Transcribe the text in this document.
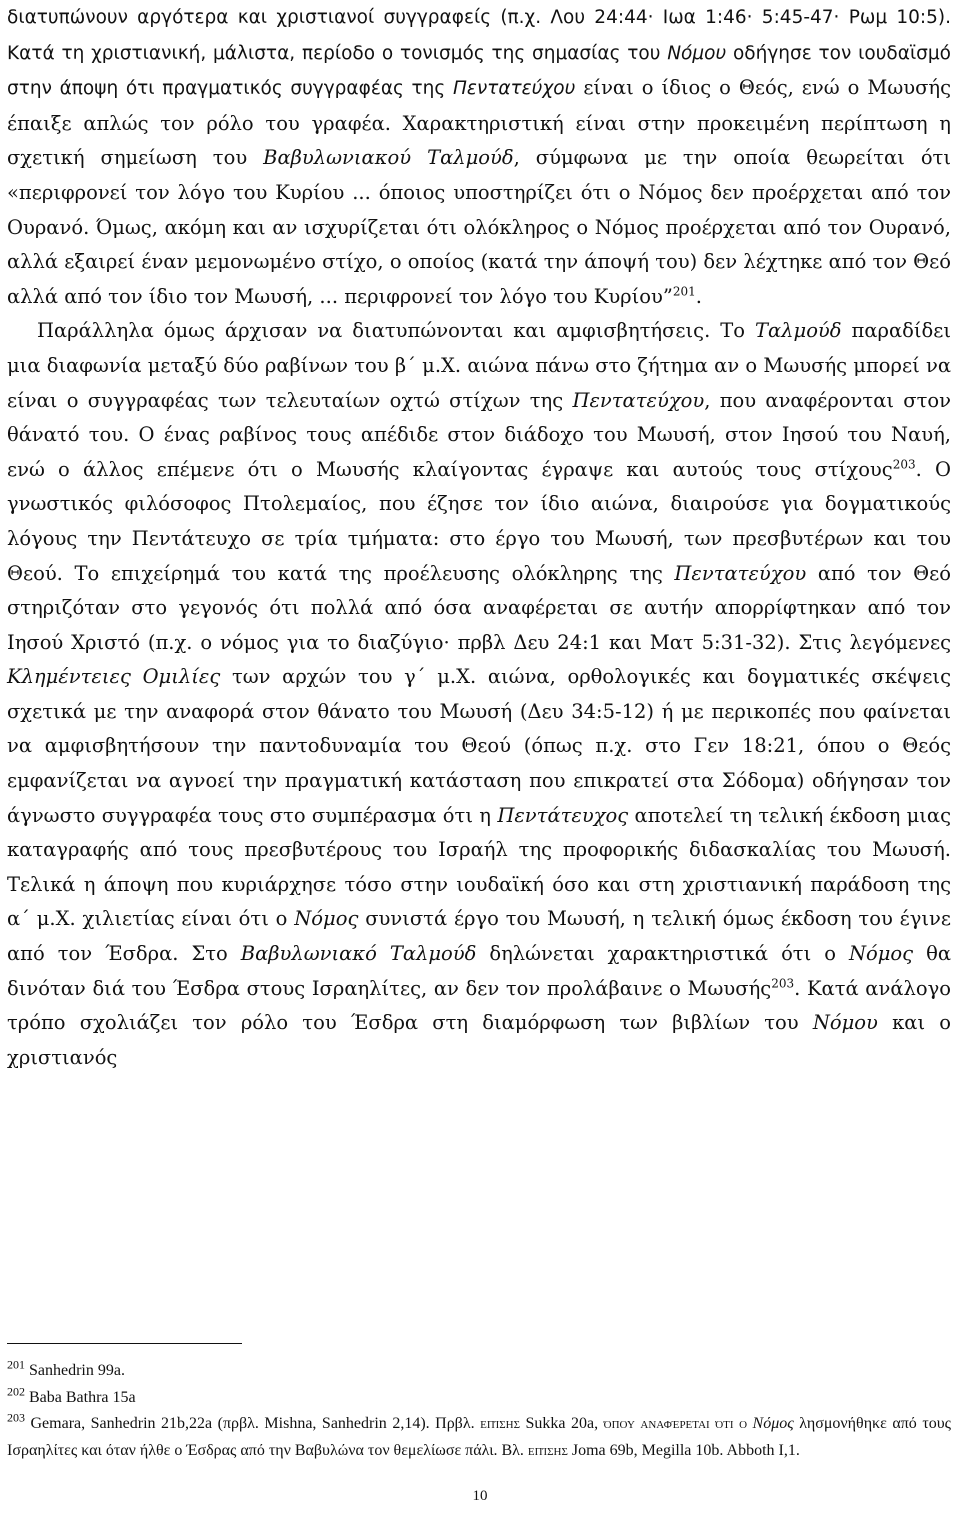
διατυπώνουν αργότερα και χριστιανοί συγγραφείς (π.χ. Λου 24:44· Ιωα 1:46· 5:45-47· Ρωμ 10:5). Κατά τη χριστιανική, μάλιστα, περίοδο ο τονισμός της σημασίας του Νόμου οδήγησε τον ιουδαϊσμό στην άποψη ότι πραγματικός συγγραφέας της Πεντατεύχου είναι ο ίδιος ο Θεός, ενώ ο Μωυσής έπαιξε απλώς τον ρόλο του γραφέα. Χαρακτηριστική είναι στην προκειμένη περίπτωση η σχετική σημείωση του Βαβυλωνιακού Ταλμούδ, σύμφωνα με την οποία θεωρείται ότι «περιφρονεί τον λόγο του Κυρίου ... όποιος υποστηρίζει ότι ο Νόμος δεν προέρχεται από τον Ουρανό. Όμως, ακόμη και αν ισχυρίζεται ότι ολόκληρος ο Νόμος προέρχεται από τον Ουρανό, αλλά εξαιρεί έναν μεμονωμένο στίχο, ο οποίος (κατά την άποψή του) δεν λέχτηκε από τον Θεό αλλά από τον ίδιο τον Μωυσή, ... περιφρονεί τον λόγο του Κυρίου”$^{201}$.

Παράλληλα όμως άρχισαν να διατυπώνονται και αμφισβητήσεις. Το Ταλμούδ παραδίδει μια διαφωνία μεταξύ δύο ραβίνων του β΄ μ.Χ. αιώνα πάνω στο ζήτημα αν ο Μωυσής μπορεί να είναι ο συγγραφέας των τελευταίων οχτώ στίχων της Πεντατεύχου, που αναφέρονται στον θάνατό του. Ο ένας ραβίνος τους απέδιδε στον διάδοχο του Μωυσή, στον Ιησού του Ναυή, ενώ ο άλλος επέμενε ότι ο Μωυσής κλαίγοντας έγραψε και αυτούς τους στίχους$^{203}$. Ο γνωστικός φιλόσοφος Πτολεμαίος, που έζησε τον ίδιο αιώνα, διαιρούσε για δογματικούς λόγους την Πεντάτευχο σε τρία τμήματα: στο έργο του Μωυσή, των πρεσβυτέρων και του Θεού. Το επιχείρημά του κατά της προέλευσης ολόκληρης της Πεντατεύχου από τον Θεό στηριζόταν στο γεγονός ότι πολλά από όσα αναφέρεται σε αυτήν απορρίφτηκαν από τον Ιησού Χριστό (π.χ. ο νόμος για το διαζύγιο· πρβλ Δευ 24:1 και Ματ 5:31-32). Στις λεγόμενες Κλημέντειες Ομιλίες των αρχών του γ΄ μ.Χ. αιώνα, ορθολογικές και δογματικές σκέψεις σχετικά με την αναφορά στον θάνατο του Μωυσή (Δευ 34:5-12) ή με περικοπές που φαίνεται να αμφισβητήσουν την παντοδυναμία του Θεού (όπως π.χ. στο Γεν 18:21, όπου ο Θεός εμφανίζεται να αγνοεί την πραγματική κατάσταση που επικρατεί στα Σόδομα) οδήγησαν τον άγνωστο συγγραφέα τους στο συμπέρασμα ότι η Πεντάτευχος αποτελεί τη τελική έκδοση μιας καταγραφής από τους πρεσβυτέρους του Ισραήλ της προφορικής διδασκαλίας του Μωυσή. Τελικά η άποψη που κυριάρχησε τόσο στην ιουδαϊκή όσο και στη χριστιανική παράδοση της α΄ μ.Χ. χιλιετίας είναι ότι ο Νόμος συνιστά έργο του Μωυσή, η τελική όμως έκδοση του έγινε από τον Έσδρα. Στο Βαβυλωνιακό Ταλμούδ δηλώνεται χαρακτηριστικά ότι ο Νόμος θα δινόταν διά του Έσδρα στους Ισραηλίτες, αν δεν τον προλάβαινε ο Μωυσής$^{203}$. Κατά ανάλογο τρόπο σχολιάζει τον ρόλο του Έσδρα στη διαμόρφωση των βιβλίων του Νόμου και ο χριστιανός

$^{201}$ Sanhedrin 99a.

$^{202}$ Baba Bathra 15a

$^{203}$ Gemara, Sanhedrin 21b,22a (πρβλ. Mishna, Sanhedrin 2,14). Πρβλ. επίσης Sukka 20a, όπου αναφέρεται ότι ο Νόμος λησμονήθηκε από τους Ισραηλίτες και όταν ήλθε ο Έσδρας από την Βαβυλώνα τον θεμελίωσε πάλι. Βλ. επίσης Joma 69b, Megilla 10b. Abboth I,1.

10
